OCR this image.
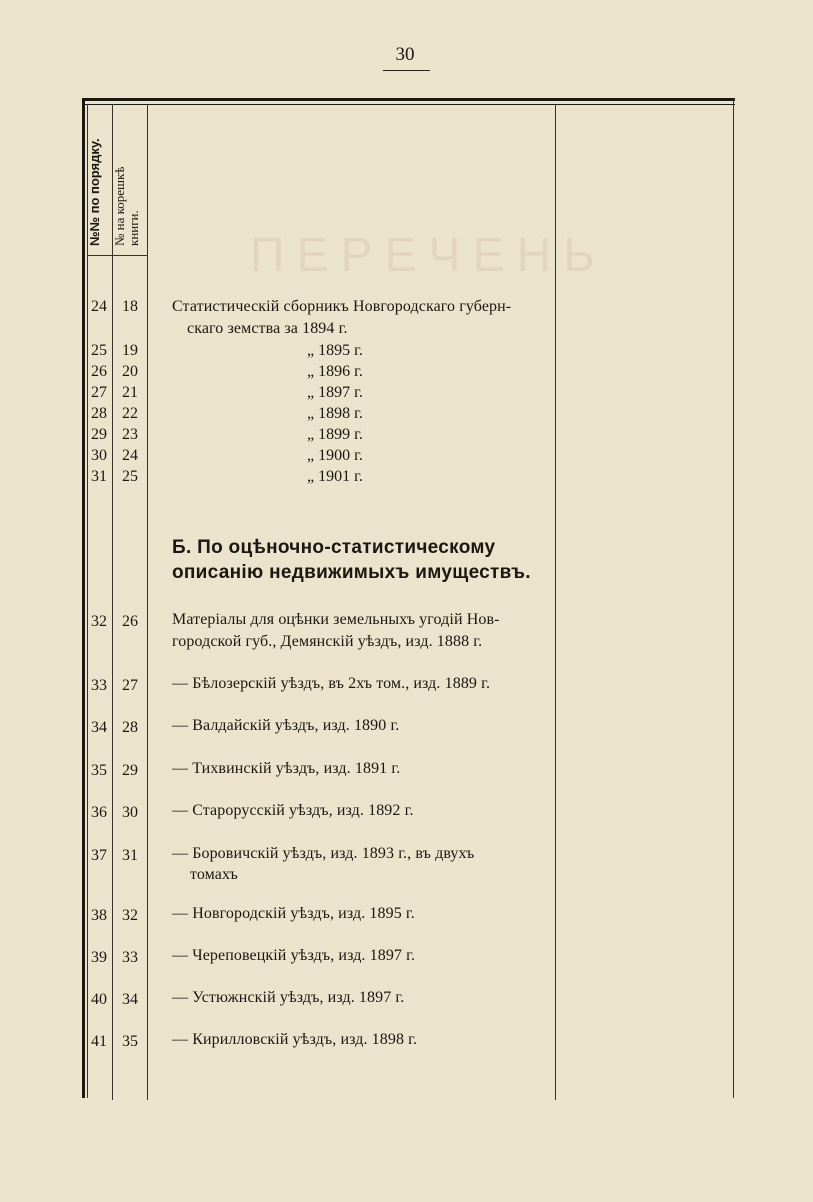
ПЕРЕЧЕНЬ
30
№№ по порядку. № на корешкѣ книги.
24 18	Статистическій сборникъ Новгородскаго губерн-
скаго земства за 1894 г.
25 19	„ 1895 г.
26 20	„ 1896 г.
27 21	„ 1897 г.
28 22	„ 1898 г.
29 23	„ 1899 г.
30 24	„ 1900 г.
31 25	„ 1901 г.
Б. По оцѣночно-статистическому
описанію недвижимыхъ имуществъ.
32 26	Матеріалы для оцѣнки земельныхъ угодій Нов-
городской губ., Демянскій уѣздъ, изд. 1888 г.
33 27	— Бѣлозерскій уѣздъ, въ 2хъ том., изд. 1889 г.
34 28	— Валдайскій уѣздъ, изд. 1890 г.
35 29	— Тихвинскій уѣздъ, изд. 1891 г.
36 30	— Старорусскій уѣздъ, изд. 1892 г.
37 31	— Боровичскій уѣздъ, изд. 1893 г., въ двухъ
томахъ
38 32	— Новгородскій уѣздъ, изд. 1895 г.
39 33	— Череповецкій уѣздъ, изд. 1897 г.
40 34	— Устюжнскій уѣздъ, изд. 1897 г.
41 35	— Кирилловскій уѣздъ, изд. 1898 г.
